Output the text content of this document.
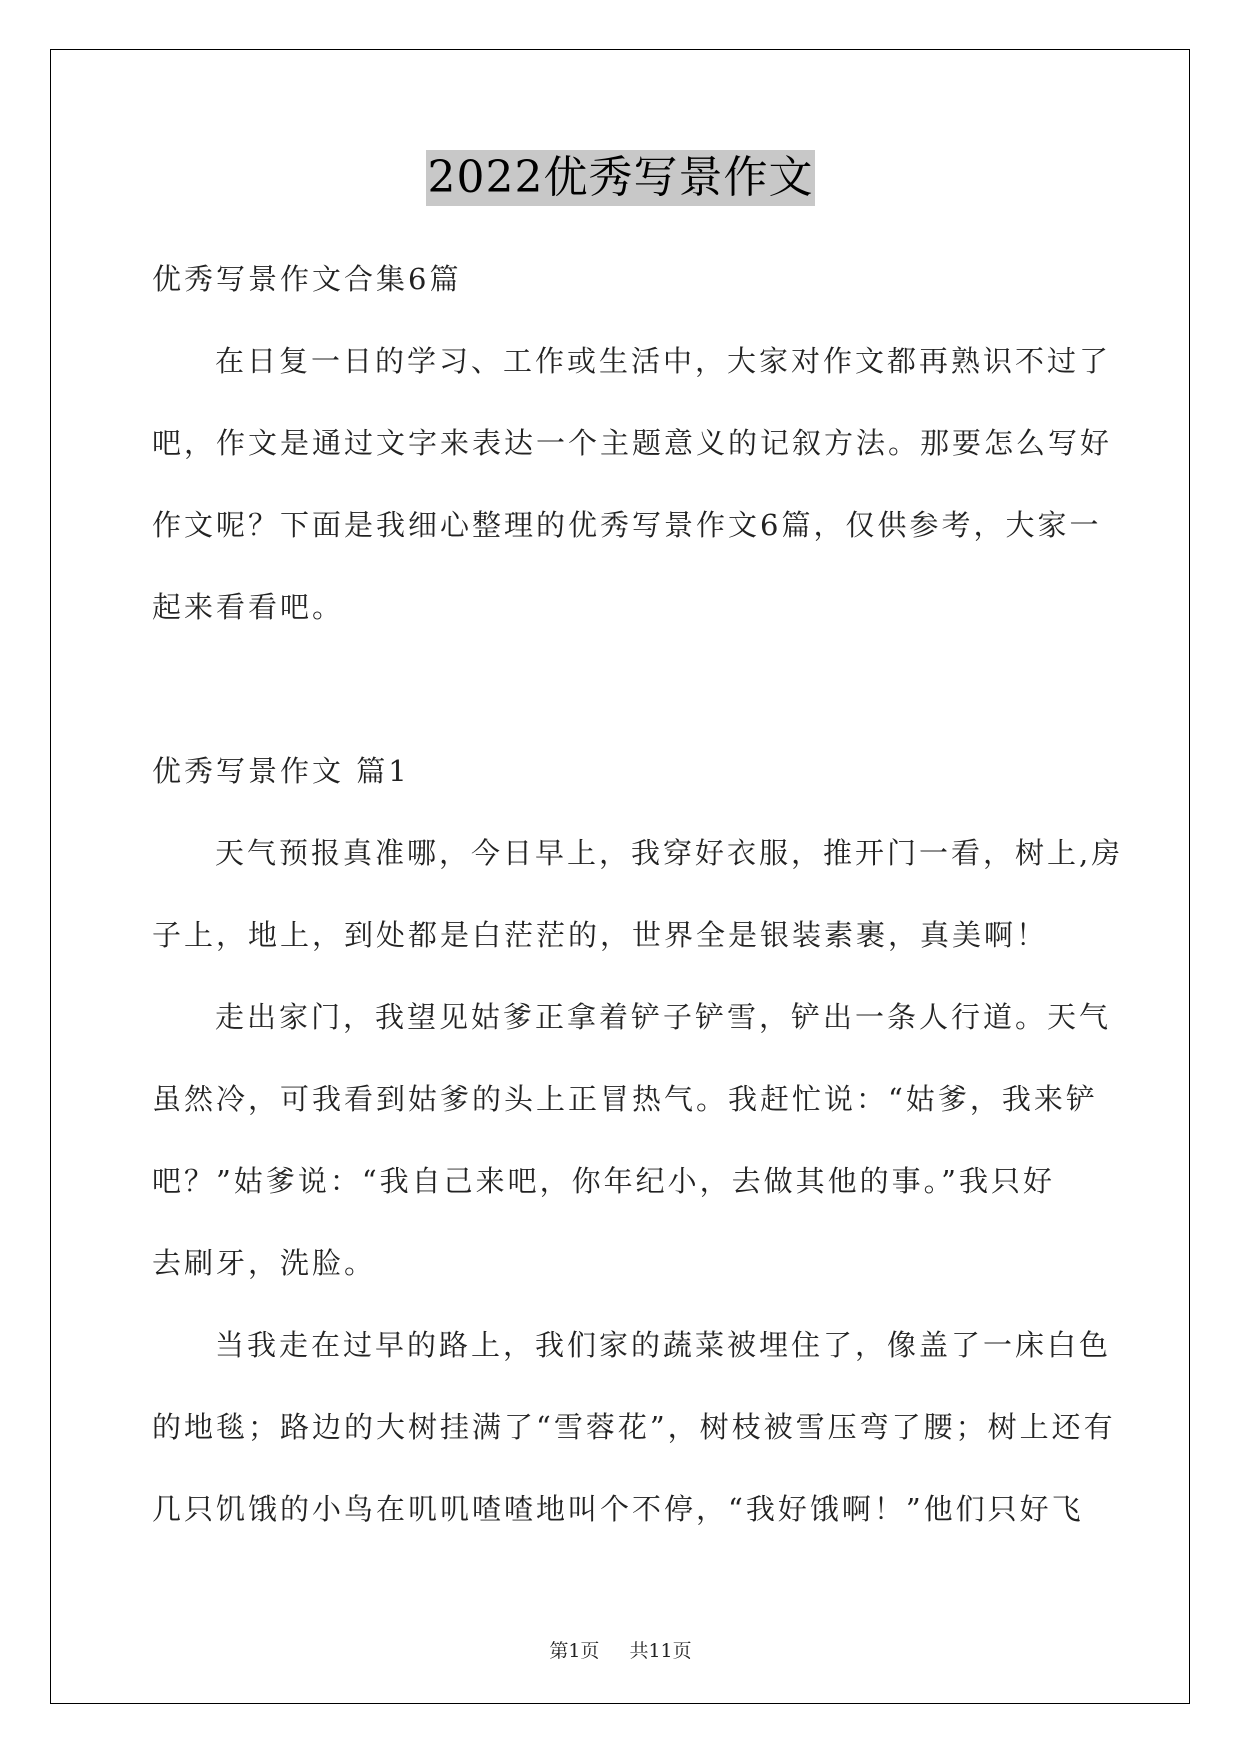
2022优秀写景作文
优秀写景作文合集6篇
在日复一日的学习、工作或生活中，大家对作文都再熟识不过了
吧，作文是通过文字来表达一个主题意义的记叙方法。那要怎么写好
作文呢？下面是我细心整理的优秀写景作文6篇，仅供参考，大家一
起来看看吧。
优秀写景作文 篇1
天气预报真准哪，今日早上，我穿好衣服，推开门一看，树上,房
子上，地上，到处都是白茫茫的，世界全是银装素裹，真美啊！
走出家门，我望见姑爹正拿着铲子铲雪，铲出一条人行道。天气
虽然冷，可我看到姑爹的头上正冒热气。我赶忙说：“姑爹，我来铲
吧？”姑爹说：“我自己来吧，你年纪小，去做其他的事。”我只好
去刷牙，洗脸。
当我走在过早的路上，我们家的蔬菜被埋住了，像盖了一床白色
的地毯；路边的大树挂满了“雪蓉花”，树枝被雪压弯了腰；树上还有
几只饥饿的小鸟在叽叽喳喳地叫个不停，“我好饿啊！”他们只好飞
第1页 共11页
